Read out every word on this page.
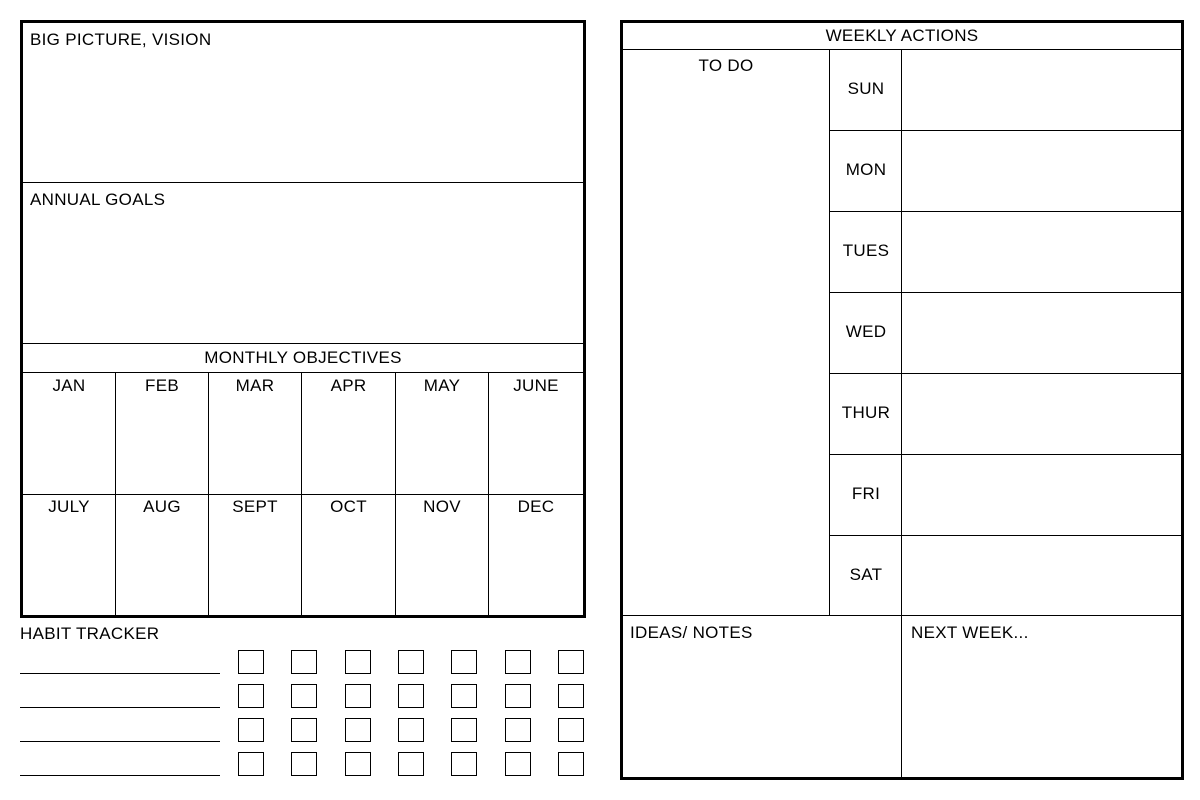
BIG PICTURE, VISION
ANNUAL GOALS
MONTHLY OBJECTIVES
JAN	FEB	MAR	APR	MAY	JUNE
JULY	AUG	SEPT	OCT	NOV	DEC
HABIT TRACKER
WEEKLY ACTIONS
TO DO
SUN
MON
TUES
WED
THUR
FRI
SAT
IDEAS/ NOTES	NEXT WEEK...
